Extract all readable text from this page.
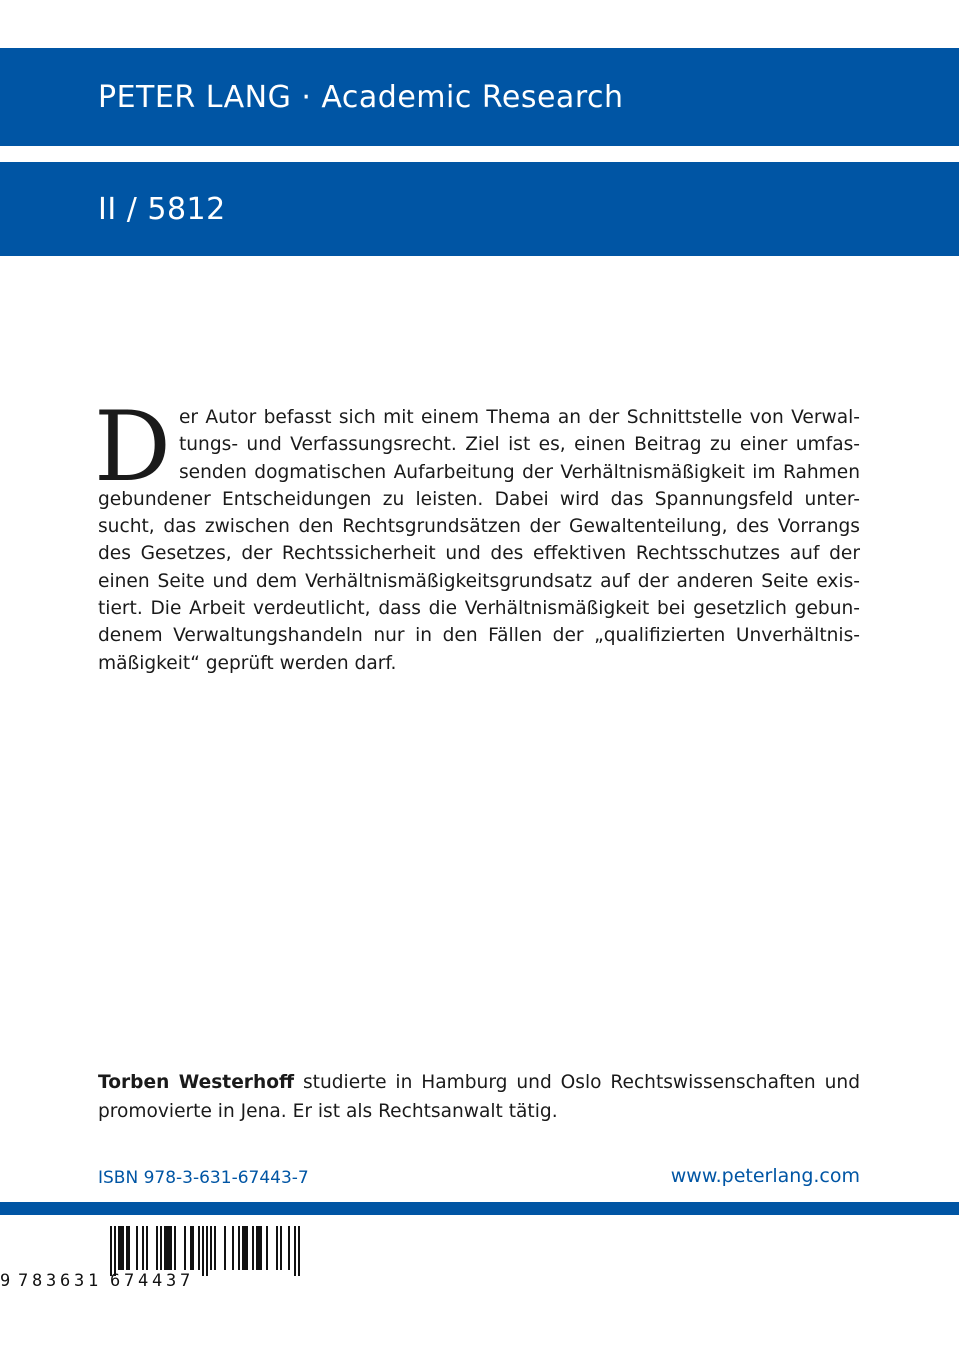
PETER LANG · Academic Research
II / 5812
D er Autor befasst sich mit einem Thema an der Schnittstelle von Verwal-
tungs- und Verfassungsrecht. Ziel ist es, einen Beitrag zu einer umfas-
senden dogmatischen Aufarbeitung der Verhältnismäßigkeit im Rahmen
gebundener Entscheidungen zu leisten. Dabei wird das Spannungsfeld unter-
sucht, das zwischen den Rechtsgrundsätzen der Gewaltenteilung, des Vorrangs
des Gesetzes, der Rechtssicherheit und des effektiven Rechtsschutzes auf der
einen Seite und dem Verhältnismäßigkeitsgrundsatz auf der anderen Seite exis-
tiert. Die Arbeit verdeutlicht, dass die Verhältnismäßigkeit bei gesetzlich gebun-
denem Verwaltungshandeln nur in den Fällen der „qualifizierten Unverhältnis-
mäßigkeit“ geprüft werden darf.
Torben Westerhoff studierte in Hamburg und Oslo Rechtswissenschaften und
promovierte in Jena. Er ist als Rechtsanwalt tätig.
ISBN 978-3-631-67443-7	www.peterlang.com
9 7 8 3 6 3 1 6 7 4 4 3 7
